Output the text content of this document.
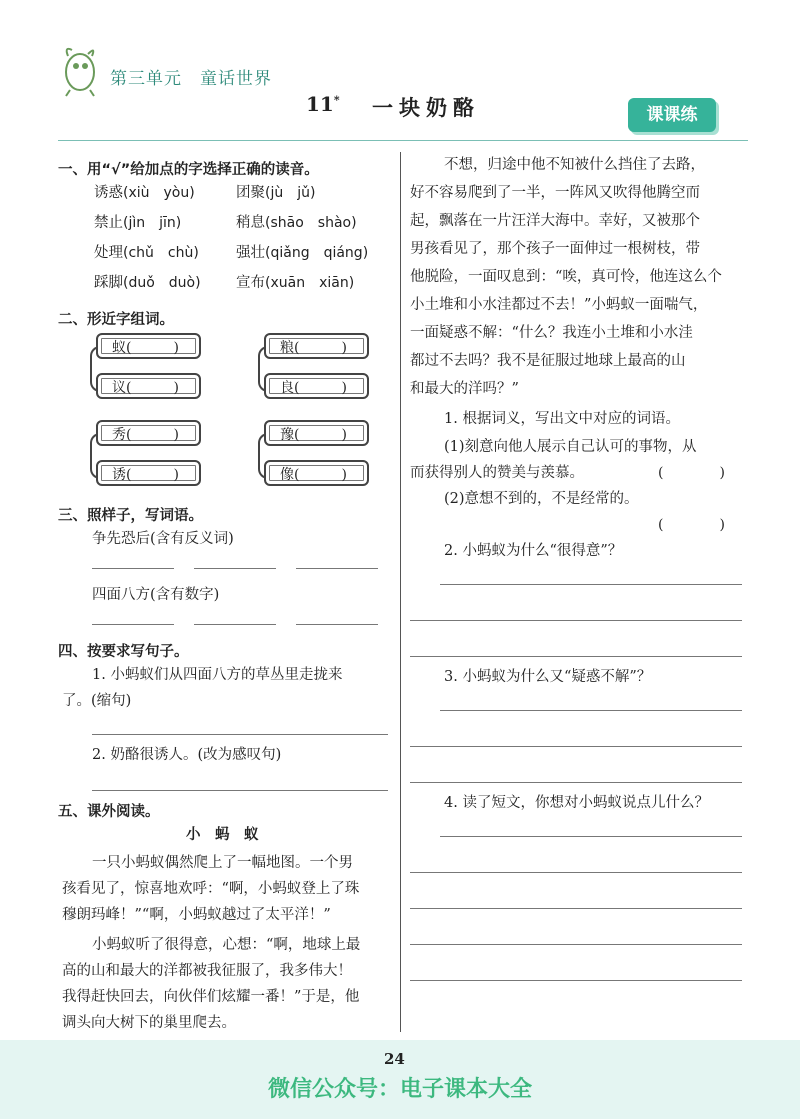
第三单元　童话世界
11* 一块奶酪	课课练
一、用“√”给加点的字选择正确的读音。
诱惑(xiù　yòu)	团聚(jù　jǔ)
禁止(jìn　jīn)	稍息(shāo　shào)
处理(chǔ　chù)	强壮(qiǎng　qiáng)
踩脚(duǒ　duò) 宣布(xuān　xiān)
二、形近字组词。
蚁(　　　)
议(　　　)
粮(　　　)
良(　　　)
秀(　　　)
诱(　　　)
豫(　　　)
像(　　　)
三、照样子，写词语。
争先恐后(含有反义词)
四面八方(含有数字)
四、按要求写句子。
1. 小蚂蚁们从四面八方的草丛里走拢来
了。(缩句)
2. 奶酪很诱人。(改为感叹句)
五、课外阅读。
小　蚂　蚁
一只小蚂蚁偶然爬上了一幅地图。一个男
孩看见了，惊喜地欢呼：“啊，小蚂蚁登上了珠
穆朗玛峰！”“啊，小蚂蚁越过了太平洋！”
小蚂蚁听了很得意，心想：“啊，地球上最
高的山和最大的洋都被我征服了，我多伟大！
我得赶快回去，向伙伴们炫耀一番！”于是，他
调头向大树下的巢里爬去。
不想，归途中他不知被什么挡住了去路，
好不容易爬到了一半，一阵风又吹得他腾空而
起，飘落在一片汪洋大海中。幸好，又被那个
男孩看见了，那个孩子一面伸过一根树枝，带
他脱险，一面叹息到：“唉，真可怜，他连这么个
小土堆和小水洼都过不去！”小蚂蚁一面喘气，
一面疑惑不解：“什么？我连小土堆和小水洼
都过不去吗？我不是征服过地球上最高的山
和最大的洋吗？”
1. 根据词义，写出文中对应的词语。
(1)刻意向他人展示自己认可的事物，从
而获得别人的赞美与羡慕。	(　　　　)
(2)意想不到的，不是经常的。
(　　　　)
2. 小蚂蚁为什么“很得意”？
3. 小蚂蚁为什么又“疑惑不解”？
4. 读了短文，你想对小蚂蚁说点儿什么？
24
微信公众号：电子课本大全
